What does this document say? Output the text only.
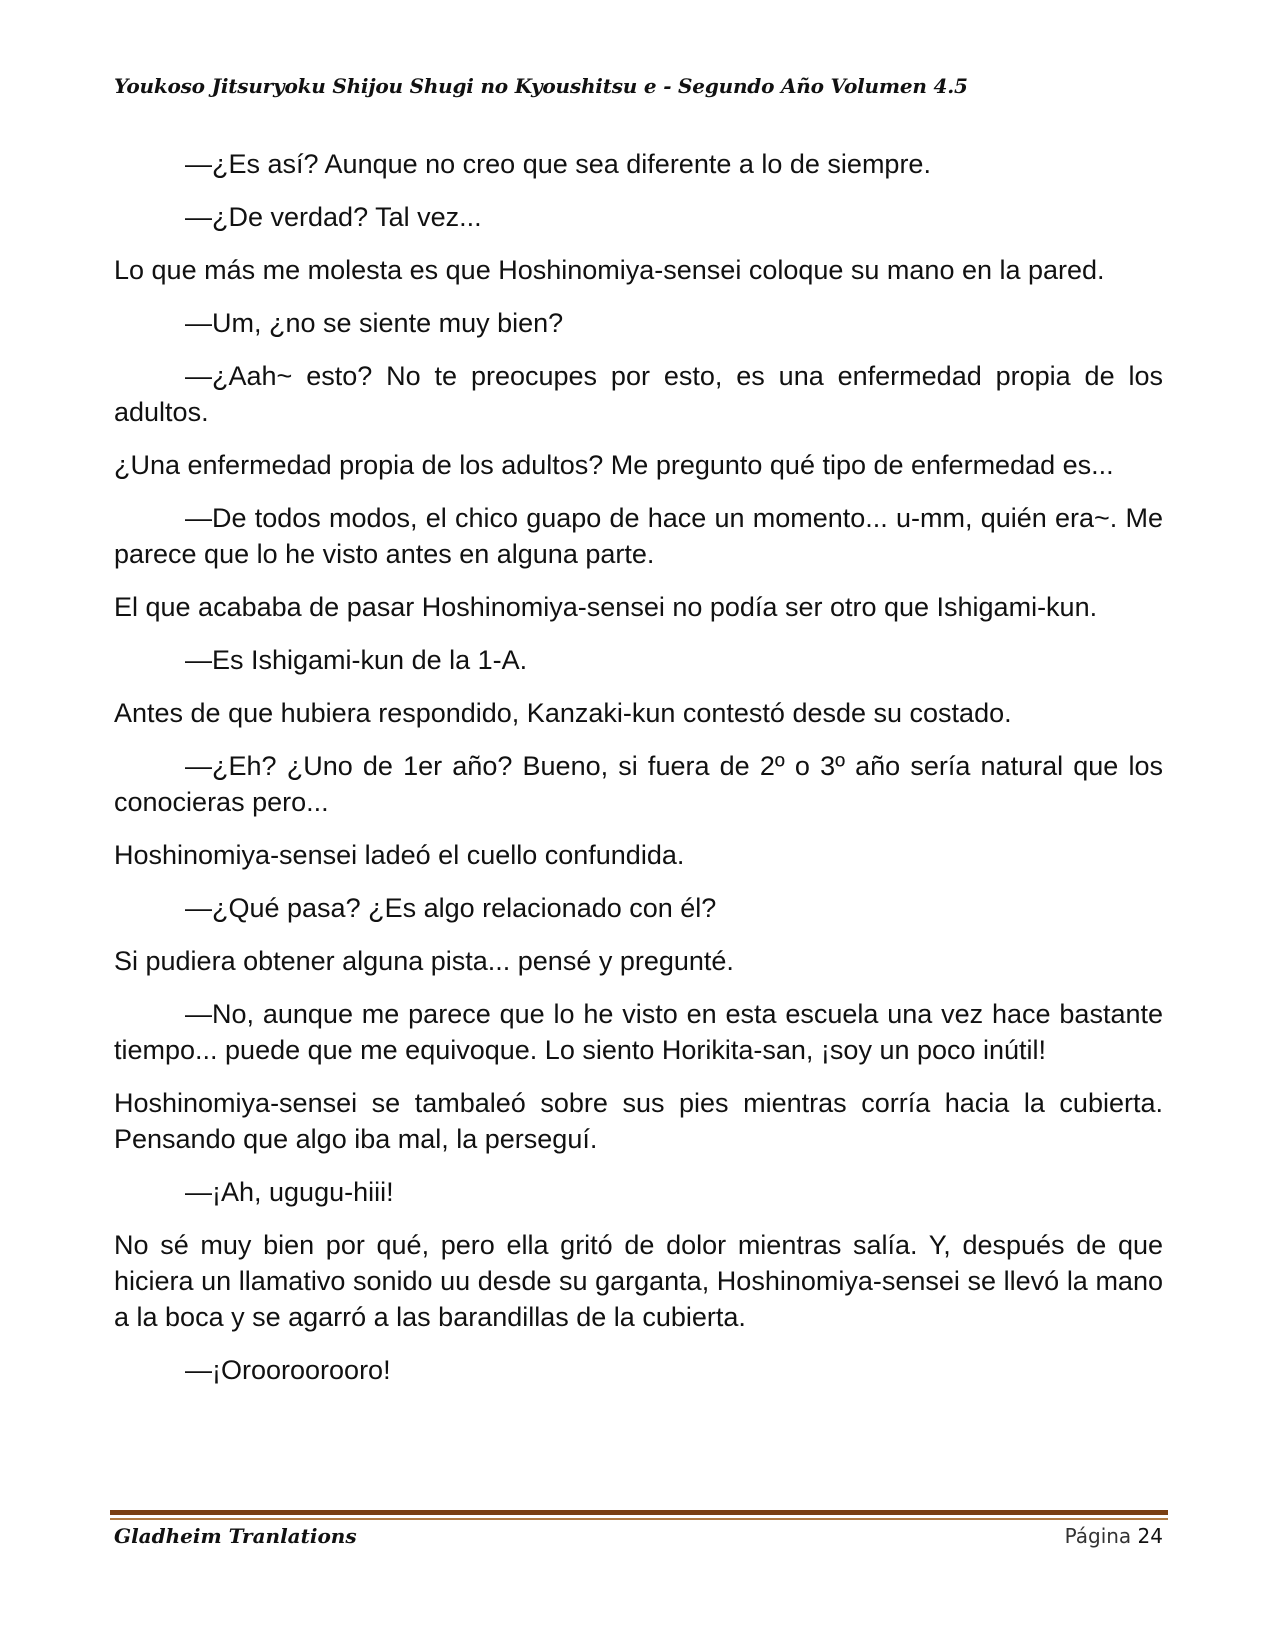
Youkoso Jitsuryoku Shijou Shugi no Kyoushitsu e - Segundo Año Volumen 4.5

—¿Es así? Aunque no creo que sea diferente a lo de siempre.

—¿De verdad? Tal vez...

Lo que más me molesta es que Hoshinomiya-sensei coloque su mano en la pared.

—Um, ¿no se siente muy bien?

—¿Aah~ esto? No te preocupes por esto, es una enfermedad propia de los adultos.

¿Una enfermedad propia de los adultos? Me pregunto qué tipo de enfermedad es...

—De todos modos, el chico guapo de hace un momento... u-mm, quién era~. Me parece que lo he visto antes en alguna parte.

El que acababa de pasar Hoshinomiya-sensei no podía ser otro que Ishigami-kun.

—Es Ishigami-kun de la 1-A.

Antes de que hubiera respondido, Kanzaki-kun contestó desde su costado.

—¿Eh? ¿Uno de 1er año? Bueno, si fuera de 2º o 3º año sería natural que los conocieras pero...

Hoshinomiya-sensei ladeó el cuello confundida.

—¿Qué pasa? ¿Es algo relacionado con él?

Si pudiera obtener alguna pista... pensé y pregunté.

—No, aunque me parece que lo he visto en esta escuela una vez hace bastante tiempo... puede que me equivoque. Lo siento Horikita-san, ¡soy un poco inútil!

Hoshinomiya-sensei se tambaleó sobre sus pies mientras corría hacia la cubierta. Pensando que algo iba mal, la perseguí.

—¡Ah, ugugu-hiii!

No sé muy bien por qué, pero ella gritó de dolor mientras salía. Y, después de que hiciera un llamativo sonido uu desde su garganta, Hoshinomiya-sensei se llevó la mano a la boca y se agarró a las barandillas de la cubierta.

—¡Orooroorooro!

Gladheim Tranlations	Página 24
